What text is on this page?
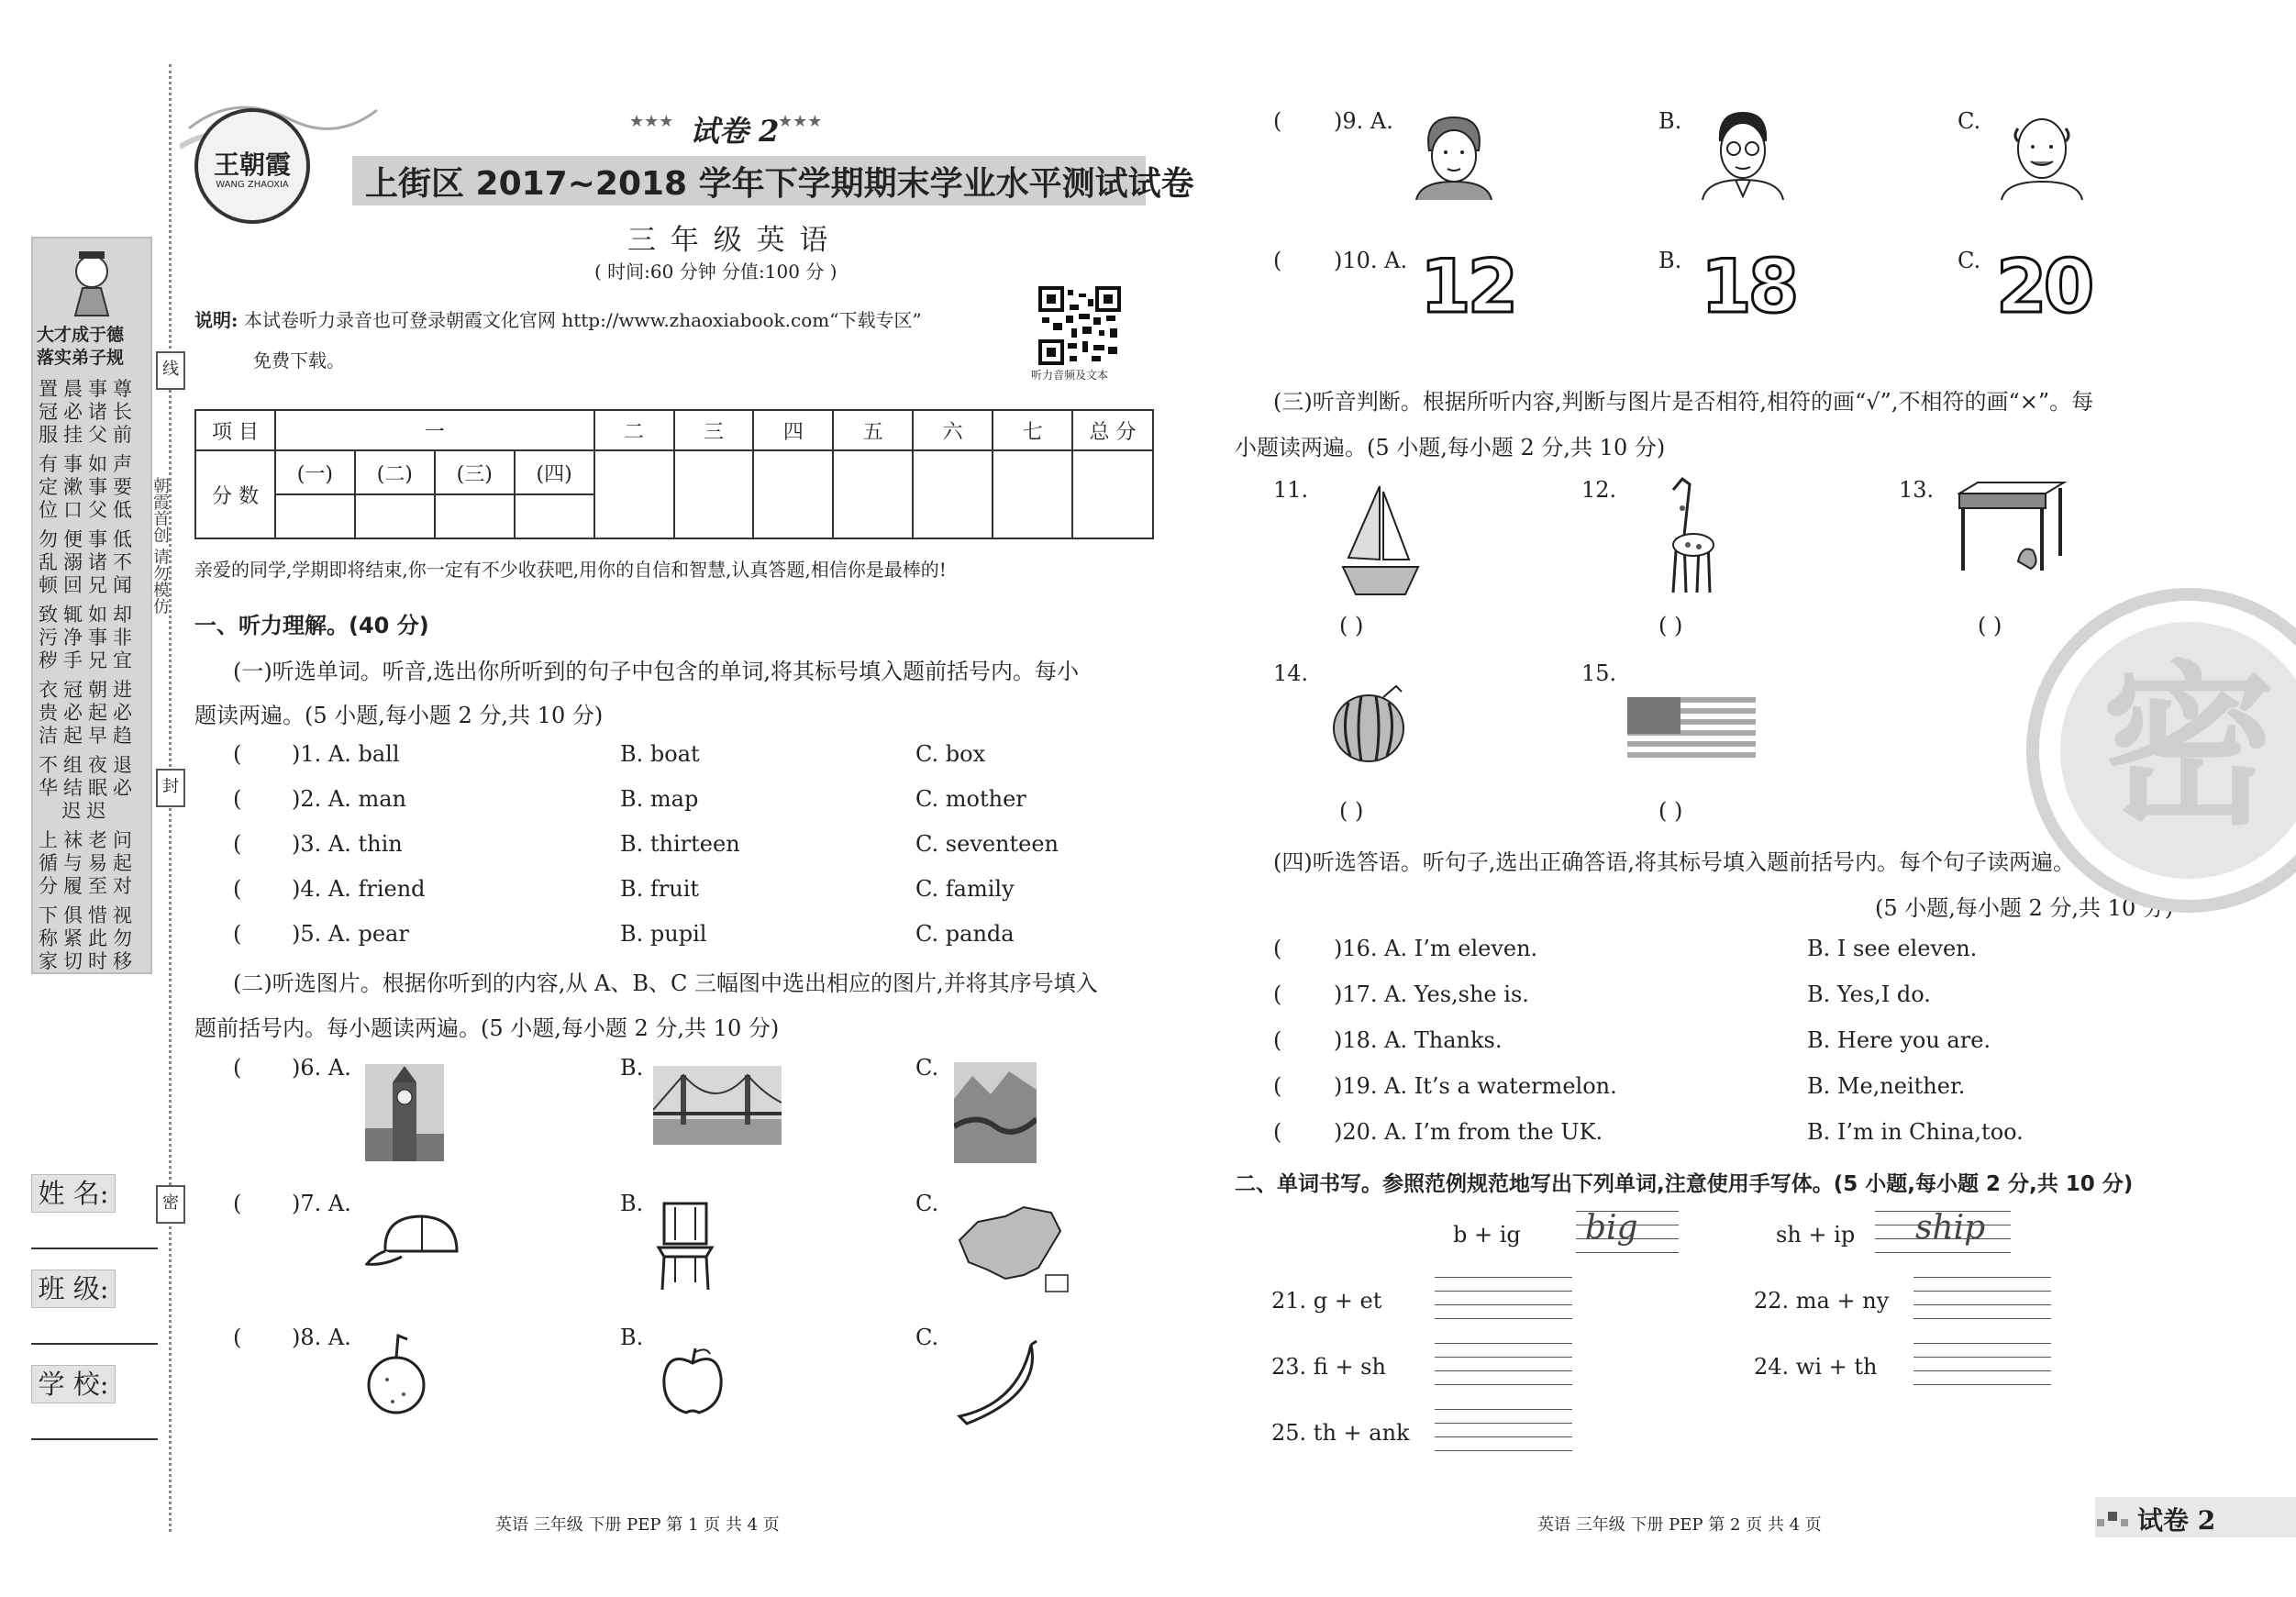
大才成于德
落实弟子规
置晨事尊
冠必诸长
服挂父前
有事如声
定漱事要
位口父低
勿便事低
乱溺诸不
顿回兄闻
致辄如却
污净事非
秽手兄宜
衣冠朝进
贵必起必
洁起早趋
不组夜退
华结眠必
迟迟
上袜老问
循与易起
分履至对
下俱惜视
称紧此勿
家切时移
线
朝霞首创 请勿模仿
封
密
姓 名:
班 级:
学 校:
王朝霞
WANG ZHAOXIA
★★★ 试卷 2
★★★
上街区 2017~2018 学年下学期期末学业水平测试试卷
三 年 级 英 语
( 时间:60 分钟 分值:100 分 )
说明: 本试卷听力录音也可登录朝霞文化官网 http://www.zhaoxiabook.com“下载专区”
免费下载。
听力音频及文本
项 目	一				二	三	四	五	六	七	总 分
分 数	(一)	(二)	(三)	(四)							

亲爱的同学,学期即将结束,你一定有不少收获吧,用你的自信和智慧,认真答题,相信你是最棒的!
一、听力理解。(40 分)
(一)听选单词。听音,选出你所听到的句子中包含的单词,将其标号填入题前括号内。每小
题读两遍。(5 小题,每小题 2 分,共 10 分)
( )1. A. ball	B. boat	C. box
( )2. A. man	B. map	C. mother
( )3. A. thin	B. thirteen	C. seventeen
( )4. A. friend	B. fruit	C. family
( )5. A. pear	B. pupil	C. panda
(二)听选图片。根据你听到的内容,从 A、B、C 三幅图中选出相应的图片,并将其序号填入
题前括号内。每小题读两遍。(5 小题,每小题 2 分,共 10 分)
( )6. A.	B.	C.
( )7. A.	B.	C.
( )8. A.	B.	C.
( )9. A.	B.	C.
( )10. A.	B.	C.
12	18	20
(三)听音判断。根据所听内容,判断与图片是否相符,相符的画“√”,不相符的画“×”。每
小题读两遍。(5 小题,每小题 2 分,共 10 分)
11.	12.	13.
( )	( )	( )
14.	15.
( )	( )
(四)听选答语。听句子,选出正确答语,将其标号填入题前括号内。每个句子读两遍。
(5 小题,每小题 2 分,共 10 分)
( )16. A. I’m eleven.	B. I see eleven.
( )17. A. Yes,she is.	B. Yes,I do.
( )18. A. Thanks.	B. Here you are.
( )19. A. It’s a watermelon.	B. Me,neither.
( )20. A. I’m from the UK.	B. I’m in China,too.
二、单词书写。参照范例规范地写出下列单词,注意使用手写体。(5 小题,每小题 2 分,共 10 分)
b + ig big	sh + ip ship
21. g + et	22. ma + ny
23. fi + sh	24. wi + th
25. th + ank
密
英语 三年级 下册 PEP 第 1 页 共 4 页	英语 三年级 下册 PEP 第 2 页 共 4 页	试卷 2
